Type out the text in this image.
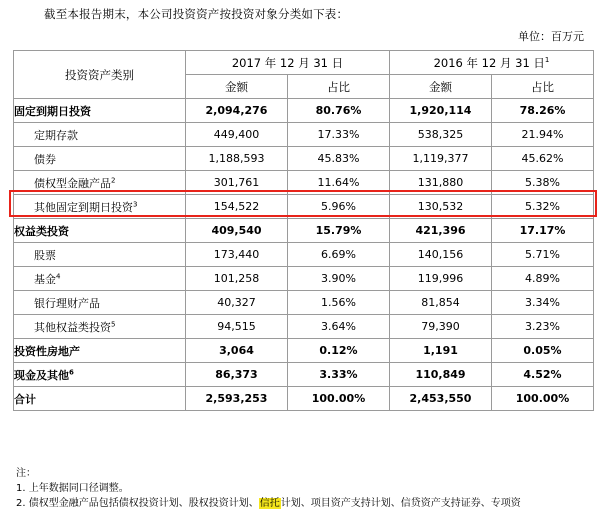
截至本报告期末，本公司投资资产按投资对象分类如下表：
单位：百万元
投资资产类别	2017 年 12 月 31 日		2016 年 12 月 31 日$^1$
	金额	占比	金额	占比
固定到期日投资	2,094,276	80.76%	1,920,114	78.26%
定期存款	449,400	17.33%	538,325	21.94%
债券	1,188,593	45.83%	1,119,377	45.62%
债权型金融产品$^2$	301,761	11.64%	131,880	5.38%
其他固定到期日投资$^3$	154,522	5.96%	130,532	5.32%
权益类投资	409,540	15.79%	421,396	17.17%
股票	173,440	6.69%	140,156	5.71%
基金$^4$	101,258	3.90%	119,996	4.89%
银行理财产品	40,327	1.56%	81,854	3.34%
其他权益类投资$^5$	94,515	3.64%	79,390	3.23%
投资性房地产	3,064	0.12%	1,191	0.05%
现金及其他$^6$	86,373	3.33%	110,849	4.52%
合计	2,593,253	100.00%	2,453,550	100.00%
注：
1. 上年数据同口径调整。
2. 债权型金融产品包括债权投资计划、股权投资计划、信托计划、项目资产支持计划、信贷资产支持证券、专项资
